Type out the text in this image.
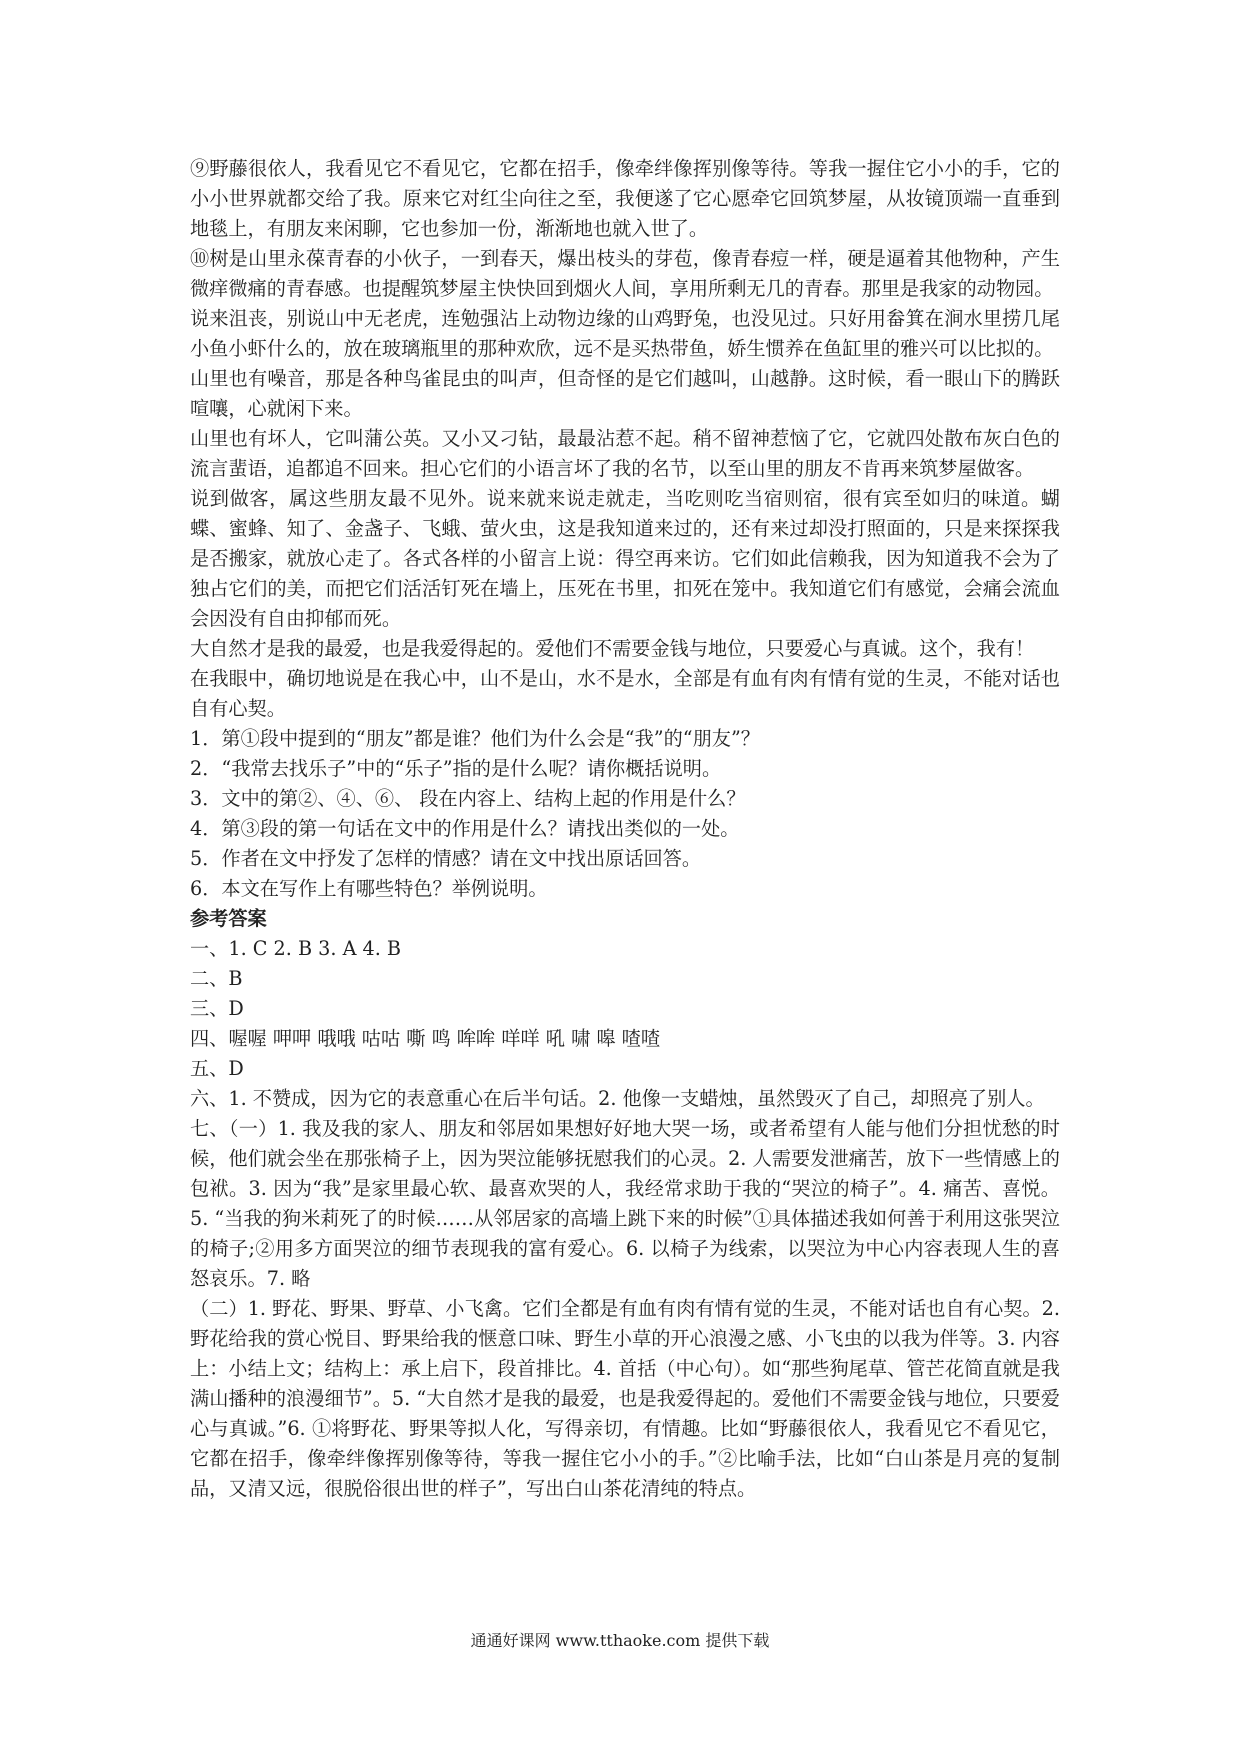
⑨野藤很依人，我看见它不看见它，它都在招手，像牵绊像挥别像等待。等我一握住它小小的手，它的小小世界就都交给了我。原来它对红尘向往之至，我便遂了它心愿牵它回筑梦屋，从妆镜顶端一直垂到地毯上，有朋友来闲聊，它也参加一份，渐渐地也就入世了。

⑩树是山里永葆青春的小伙子，一到春天，爆出枝头的芽苞，像青春痘一样，硬是逼着其他物种，产生微痒微痛的青春感。也提醒筑梦屋主快快回到烟火人间，享用所剩无几的青春。那里是我家的动物园。

说来沮丧，别说山中无老虎，连勉强沾上动物边缘的山鸡野兔，也没见过。只好用畚箕在涧水里捞几尾小鱼小虾什么的，放在玻璃瓶里的那种欢欣，远不是买热带鱼，娇生惯养在鱼缸里的雅兴可以比拟的。

山里也有噪音，那是各种鸟雀昆虫的叫声，但奇怪的是它们越叫，山越静。这时候，看一眼山下的腾跃喧嚷，心就闲下来。

山里也有坏人，它叫蒲公英。又小又刁钻，最最沾惹不起。稍不留神惹恼了它，它就四处散布灰白色的流言蜚语，追都追不回来。担心它们的小语言坏了我的名节，以至山里的朋友不肯再来筑梦屋做客。

说到做客，属这些朋友最不见外。说来就来说走就走，当吃则吃当宿则宿，很有宾至如归的味道。蝴蝶、蜜蜂、知了、金盏子、飞蛾、萤火虫，这是我知道来过的，还有来过却没打照面的，只是来探探我是否搬家，就放心走了。各式各样的小留言上说：得空再来访。它们如此信赖我，因为知道我不会为了独占它们的美，而把它们活活钉死在墙上，压死在书里，扣死在笼中。我知道它们有感觉，会痛会流血会因没有自由抑郁而死。

大自然才是我的最爱，也是我爱得起的。爱他们不需要金钱与地位，只要爱心与真诚。这个，我有！

在我眼中，确切地说是在我心中，山不是山，水不是水，全部是有血有肉有情有觉的生灵，不能对话也自有心契。

1．第①段中提到的“朋友”都是谁？他们为什么会是“我”的“朋友”？

2．“我常去找乐子”中的“乐子”指的是什么呢？请你概括说明。

3．文中的第②、④、⑥、 段在内容上、结构上起的作用是什么？

4．第③段的第一句话在文中的作用是什么？请找出类似的一处。

5．作者在文中抒发了怎样的情感？请在文中找出原话回答。

6．本文在写作上有哪些特色？举例说明。

参考答案

一、1. C 2. B 3. A 4. B

二、B

三、D

四、喔喔 呷呷 哦哦 咕咕 嘶 鸣 哞哞 咩咩 吼 啸 嗥 喳喳

五、D

六、1. 不赞成，因为它的表意重心在后半句话。2. 他像一支蜡烛，虽然毁灭了自己，却照亮了别人。

七、（一）1. 我及我的家人、朋友和邻居如果想好好地大哭一场，或者希望有人能与他们分担忧愁的时候，他们就会坐在那张椅子上，因为哭泣能够抚慰我们的心灵。2. 人需要发泄痛苦，放下一些情感上的包袱。3. 因为“我”是家里最心软、最喜欢哭的人，我经常求助于我的“哭泣的椅子”。4. 痛苦、喜悦。5. “当我的狗米莉死了的时候……从邻居家的高墙上跳下来的时候”①具体描述我如何善于利用这张哭泣的椅子;②用多方面哭泣的细节表现我的富有爱心。6. 以椅子为线索，以哭泣为中心内容表现人生的喜怒哀乐。7. 略

（二）1. 野花、野果、野草、小飞禽。它们全都是有血有肉有情有觉的生灵，不能对话也自有心契。2. 野花给我的赏心悦目、野果给我的惬意口味、野生小草的开心浪漫之感、小飞虫的以我为伴等。3. 内容上：小结上文；结构上：承上启下，段首排比。4. 首括（中心句）。如“那些狗尾草、管芒花简直就是我满山播种的浪漫细节”。5. “大自然才是我的最爱，也是我爱得起的。爱他们不需要金钱与地位，只要爱心与真诚。”6. ①将野花、野果等拟人化，写得亲切，有情趣。比如“野藤很依人，我看见它不看见它，它都在招手，像牵绊像挥别像等待，等我一握住它小小的手。”②比喻手法，比如“白山茶是月亮的复制品，又清又远，很脱俗很出世的样子”，写出白山茶花清纯的特点。

通通好课网 www.tthaoke.com 提供下载
